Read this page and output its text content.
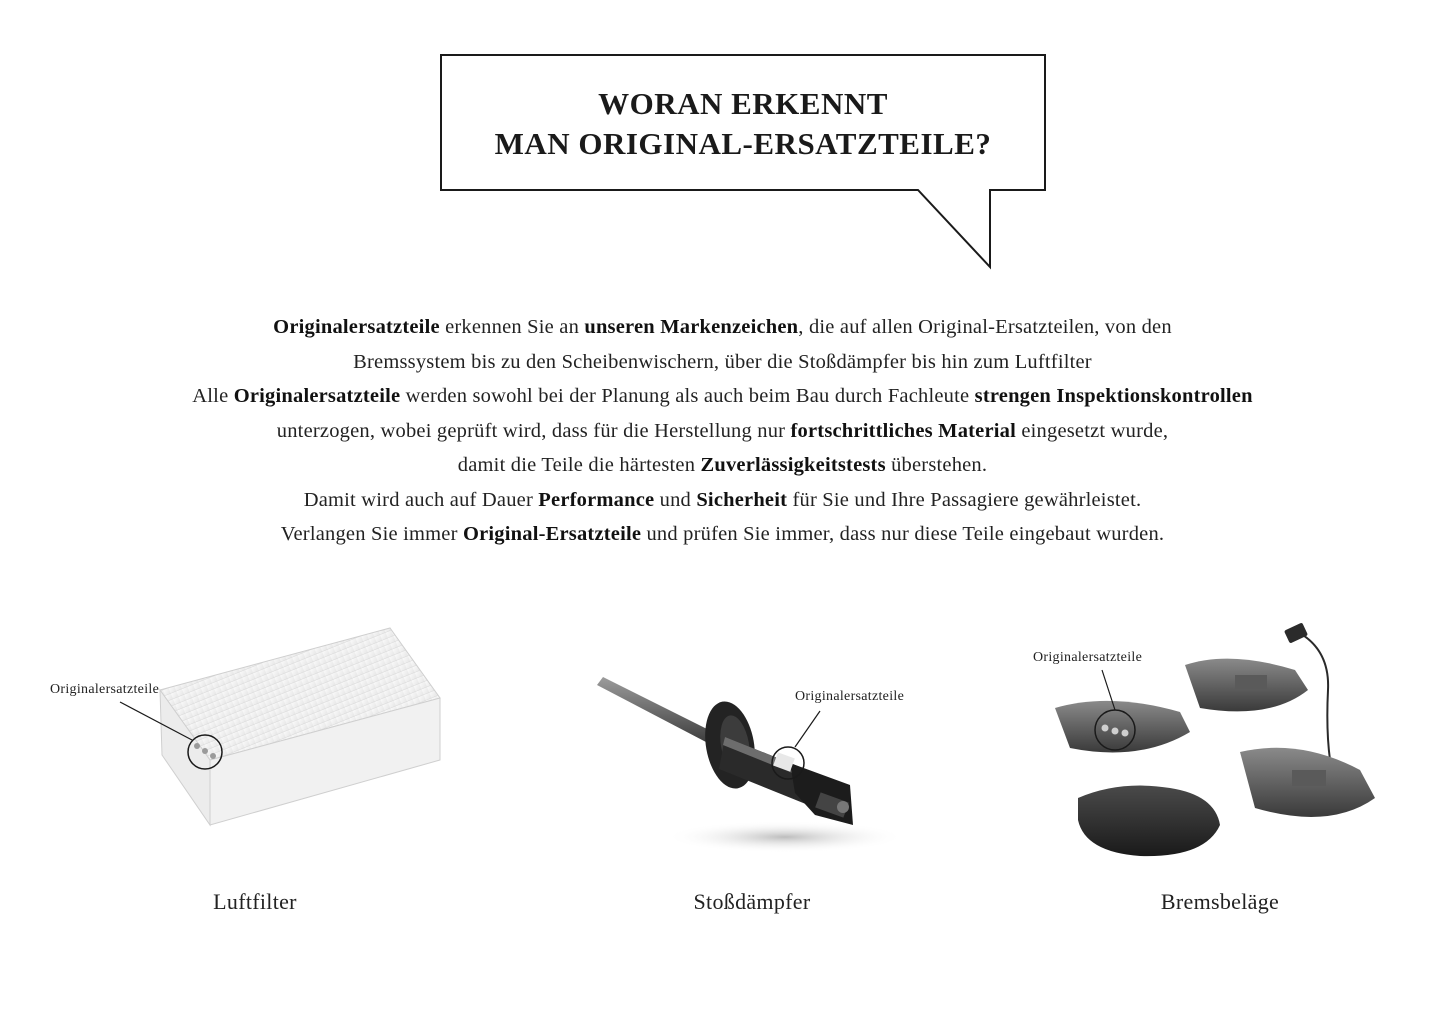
WORAN ERKENNT
MAN ORIGINAL-ERSATZTEILE?

Originalersatzteile erkennen Sie an unseren Markenzeichen, die auf allen Original-Ersatzteilen, von den

Bremssystem bis zu den Scheibenwischern, über die Stoßdämpfer bis hin zum Luftfilter

Alle Originalersatzteile werden sowohl bei der Planung als auch beim Bau durch Fachleute strengen Inspektionskontrollen

unterzogen, wobei geprüft wird, dass für die Herstellung nur fortschrittliches Material eingesetzt wurde,

damit die Teile die härtesten Zuverlässigkeitstests überstehen.

Damit wird auch auf Dauer Performance und Sicherheit für Sie und Ihre Passagiere gewährleistet.

Verlangen Sie immer Original-Ersatzteile und prüfen Sie immer, dass nur diese Teile eingebaut wurden.

Originalersatzteile
Luftfilter
Originalersatzteile
Stoßdämpfer
Originalersatzteile
Bremsbeläge
